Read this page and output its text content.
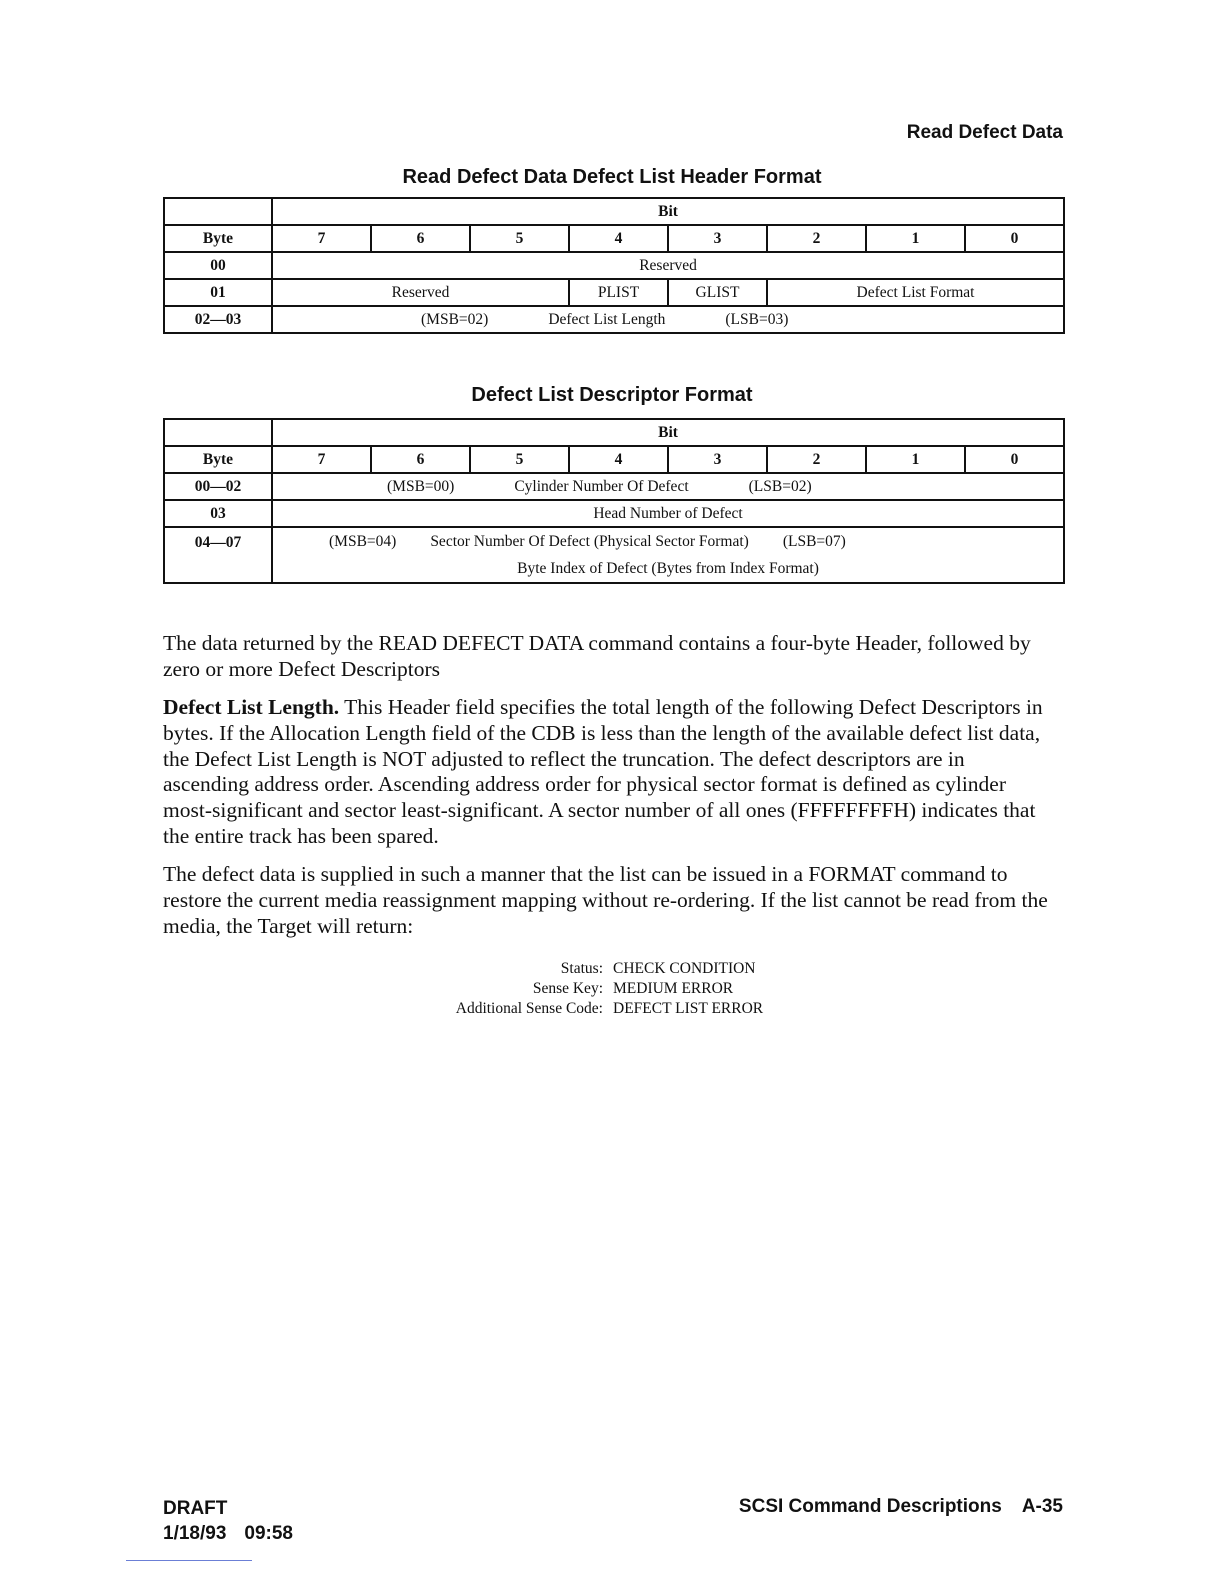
Read Defect Data
Read Defect Data Defect List Header Format
	Bit							
Byte	7	6	5	4	3	2	1	0
00	Reserved							
01	Reserved			PLIST	GLIST	Defect List Format		
02—03	(MSB=02) Defect List Length (LSB=03)							
Defect List Descriptor Format
	Bit							
Byte	7	6	5	4	3	2	1	0
00—02	(MSB=00) Cylinder Number Of Defect (LSB=02)							
03	Head Number of Defect							
04—07	(MSB=04) Sector Number Of Defect (Physical Sector Format) (LSB=07)
Byte Index of Defect (Bytes from Index Format)							
The data returned by the READ DEFECT DATA command contains a four-byte Header, followed by zero or more Defect Descriptors
Defect List Length. This Header field specifies the total length of the following Defect Descriptors in bytes. If the Allocation Length field of the CDB is less than the length of the available defect list data, the Defect List Length is NOT adjusted to reflect the truncation. The defect descriptors are in ascending address order. Ascending address order for physical sector format is defined as cylinder most-significant and sector least-significant. A sector number of all ones (FFFFFFFFH) indicates that the entire track has been spared.
The defect data is supplied in such a manner that the list can be issued in a FORMAT command to restore the current media reassignment mapping without re-ordering. If the list cannot be read from the media, the Target will return:
Status: CHECK CONDITION
Sense Key: MEDIUM ERROR
Additional Sense Code: DEFECT LIST ERROR
DRAFT
1/18/93 09:58
SCSI Command Descriptions A-35
